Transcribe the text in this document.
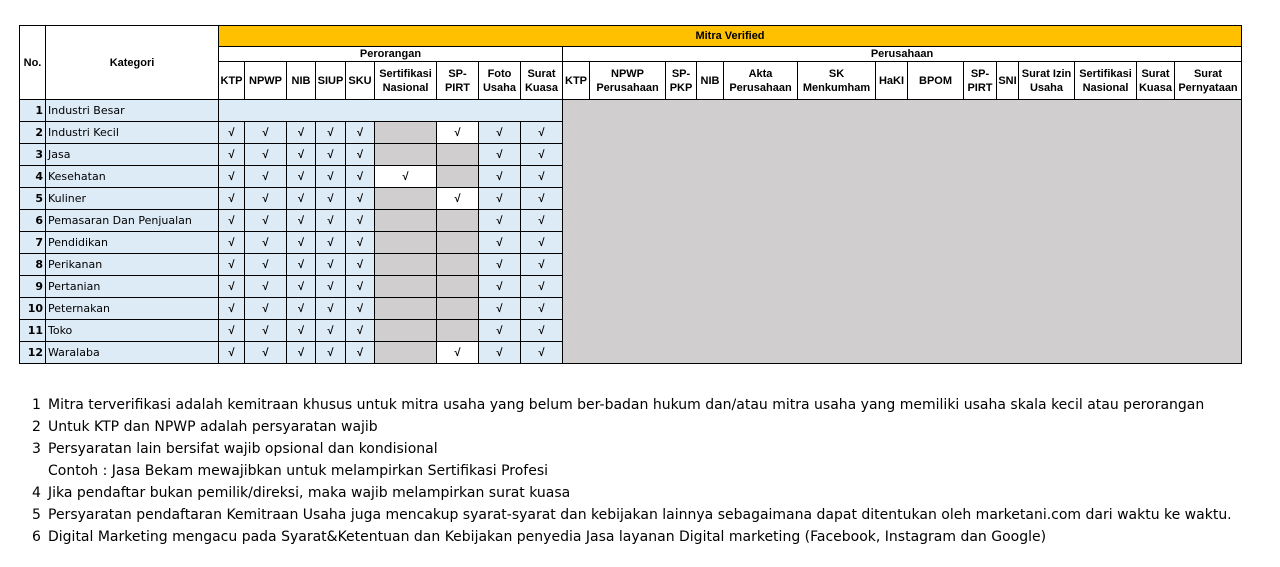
No.	Kategori	Mitra Verified																						
		Perorangan									Perusahaan													
		KTP	NPWP	NIB	SIUP	SKU	Sertifikasi Nasional	SP-PIRT	Foto Usaha	Surat Kuasa	KTP	NPWP Perusahaan	SP-PKP	NIB	Akta Perusahaan	SK Menkumham	HaKI	BPOM	SP-PIRT	SNI	Surat Izin Usaha	Sertifikasi Nasional	Surat Kuasa	Surat Pernyataan
1	Industri Besar																							
2	Industri Kecil	√	√	√	√	√		√	√	√														
3	Jasa	√	√	√	√	√			√	√														
4	Kesehatan	√	√	√	√	√	√		√	√														
5	Kuliner	√	√	√	√	√		√	√	√														
6	Pemasaran Dan Penjualan	√	√	√	√	√			√	√														
7	Pendidikan	√	√	√	√	√			√	√														
8	Perikanan	√	√	√	√	√			√	√														
9	Pertanian	√	√	√	√	√			√	√														
10	Peternakan	√	√	√	√	√			√	√														
11	Toko	√	√	√	√	√			√	√														
12	Waralaba	√	√	√	√	√		√	√	√														
1 Mitra terverifikasi adalah kemitraan khusus untuk mitra usaha yang belum ber-badan hukum dan/atau mitra usaha yang memiliki usaha skala kecil atau perorangan
2 Untuk KTP dan NPWP adalah persyaratan wajib
3 Persyaratan lain bersifat wajib opsional dan kondisional
Contoh : Jasa Bekam mewajibkan untuk melampirkan Sertifikasi Profesi
4 Jika pendaftar bukan pemilik/direksi, maka wajib melampirkan surat kuasa
5 Persyaratan pendaftaran Kemitraan Usaha juga mencakup syarat-syarat dan kebijakan lainnya sebagaimana dapat ditentukan oleh marketani.com dari waktu ke waktu.
6 Digital Marketing mengacu pada Syarat&Ketentuan dan Kebijakan penyedia Jasa layanan Digital marketing (Facebook, Instagram dan Google)
